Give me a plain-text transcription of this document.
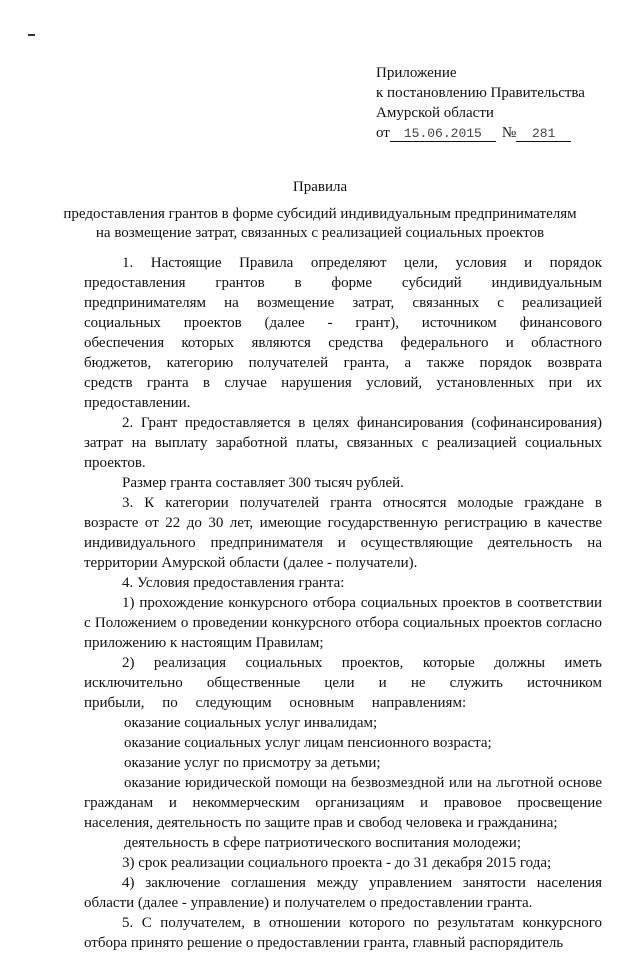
Приложение
к постановлению Правительства
Амурской области
от 15.06.2015 № 281
Правила
предоставления грантов в форме субсидий индивидуальным предпринимателям
на возмещение затрат, связанных с реализацией социальных проектов

1. Настоящие Правила определяют цели, условия и порядок предоставления грантов в форме субсидий индивидуальным предпринимателям на возмещение затрат, связанных с реализацией социальных проектов (далее - грант), источником финансового обеспечения которых являются средства федерального и областного бюджетов, категорию получателей гранта, а также порядок возврата средств гранта в случае нарушения условий, установленных при их предоставлении.

2. Грант предоставляется в целях финансирования (софинансирования) затрат на выплату заработной платы, связанных с реализацией социальных проектов.

Размер гранта составляет 300 тысяч рублей.

3. К категории получателей гранта относятся молодые граждане в возрасте от 22 до 30 лет, имеющие государственную регистрацию в качестве индивидуального предпринимателя и осуществляющие деятельность на территории Амурской области (далее - получатели).

4. Условия предоставления гранта:

1) прохождение конкурсного отбора социальных проектов в соответствии с Положением о проведении конкурсного отбора социальных проектов согласно приложению к настоящим Правилам;

2) реализация социальных проектов, которые должны иметь исключительно общественные цели и не служить источником прибыли, по следующим основным направлениям:

оказание социальных услуг инвалидам;

оказание социальных услуг лицам пенсионного возраста;

оказание услуг по присмотру за детьми;

оказание юридической помощи на безвозмездной или на льготной основе гражданам и некоммерческим организациям и правовое просвещение населения, деятельность по защите прав и свобод человека и гражданина;

деятельность в сфере патриотического воспитания молодежи;

3) срок реализации социального проекта - до 31 декабря 2015 года;

4) заключение соглашения между управлением занятости населения области (далее - управление) и получателем о предоставлении гранта.

5. С получателем, в отношении которого по результатам конкурсного отбора принято решение о предоставлении гранта, главный распорядитель
